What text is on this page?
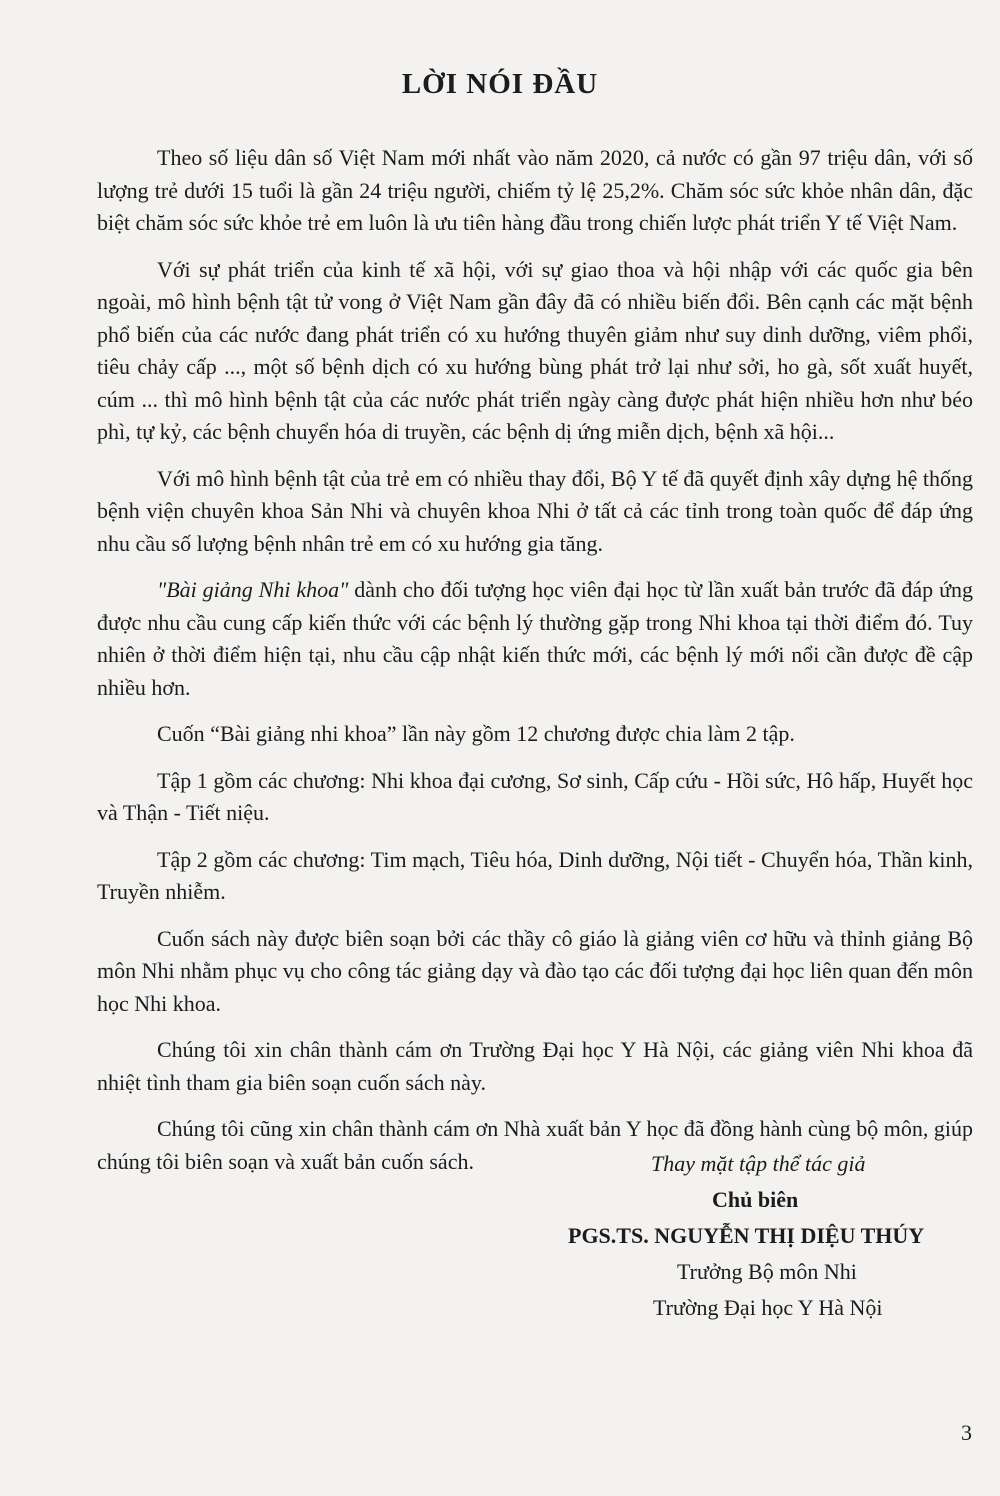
LỜI NÓI ĐẦU

Theo số liệu dân số Việt Nam mới nhất vào năm 2020, cả nước có gần 97 triệu dân, với số lượng trẻ dưới 15 tuổi là gần 24 triệu người, chiếm tỷ lệ 25,2%. Chăm sóc sức khỏe nhân dân, đặc biệt chăm sóc sức khỏe trẻ em luôn là ưu tiên hàng đầu trong chiến lược phát triển Y tế Việt Nam.

Với sự phát triển của kinh tế xã hội, với sự giao thoa và hội nhập với các quốc gia bên ngoài, mô hình bệnh tật tử vong ở Việt Nam gần đây đã có nhiều biến đổi. Bên cạnh các mặt bệnh phổ biến của các nước đang phát triển có xu hướng thuyên giảm như suy dinh dưỡng, viêm phổi, tiêu chảy cấp ..., một số bệnh dịch có xu hướng bùng phát trở lại như sởi, ho gà, sốt xuất huyết, cúm ... thì mô hình bệnh tật của các nước phát triển ngày càng được phát hiện nhiều hơn như béo phì, tự kỷ, các bệnh chuyển hóa di truyền, các bệnh dị ứng miễn dịch, bệnh xã hội...

Với mô hình bệnh tật của trẻ em có nhiều thay đổi, Bộ Y tế đã quyết định xây dựng hệ thống bệnh viện chuyên khoa Sản Nhi và chuyên khoa Nhi ở tất cả các tỉnh trong toàn quốc để đáp ứng nhu cầu số lượng bệnh nhân trẻ em có xu hướng gia tăng.

"Bài giảng Nhi khoa" dành cho đối tượng học viên đại học từ lần xuất bản trước đã đáp ứng được nhu cầu cung cấp kiến thức với các bệnh lý thường gặp trong Nhi khoa tại thời điểm đó. Tuy nhiên ở thời điểm hiện tại, nhu cầu cập nhật kiến thức mới, các bệnh lý mới nổi cần được đề cập nhiều hơn.

Cuốn “Bài giảng nhi khoa” lần này gồm 12 chương được chia làm 2 tập.

Tập 1 gồm các chương: Nhi khoa đại cương, Sơ sinh, Cấp cứu - Hồi sức, Hô hấp, Huyết học và Thận - Tiết niệu.

Tập 2 gồm các chương: Tim mạch, Tiêu hóa, Dinh dưỡng, Nội tiết - Chuyển hóa, Thần kinh, Truyền nhiễm.

Cuốn sách này được biên soạn bởi các thầy cô giáo là giảng viên cơ hữu và thỉnh giảng Bộ môn Nhi nhằm phục vụ cho công tác giảng dạy và đào tạo các đối tượng đại học liên quan đến môn học Nhi khoa.

Chúng tôi xin chân thành cám ơn Trường Đại học Y Hà Nội, các giảng viên Nhi khoa đã nhiệt tình tham gia biên soạn cuốn sách này.

Chúng tôi cũng xin chân thành cám ơn Nhà xuất bản Y học đã đồng hành cùng bộ môn, giúp chúng tôi biên soạn và xuất bản cuốn sách.	Thay mặt tập thể tác giả
Chủ biên
PGS.TS. NGUYỄN THỊ DIỆU THÚY
Trưởng Bộ môn Nhi
Trường Đại học Y Hà Nội
3
